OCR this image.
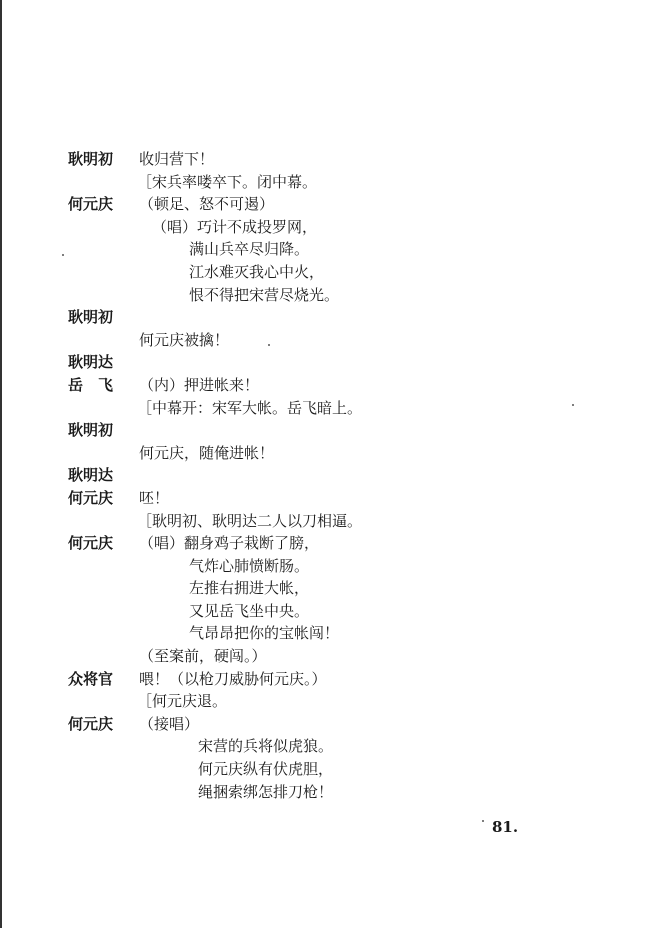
耿明初 收归营下！
［宋兵率喽卒下。闭中幕。
何元庆 （顿足、怒不可遏）
（唱）巧计不成投罗网，
满山兵卒尽归降。
江水难灭我心中火，
恨不得把宋营尽烧光。
耿明初
何元庆被擒！
耿明达
岳　飞 （内）押进帐来！
［中幕开：宋军大帐。岳飞暗上。
耿明初
何元庆，随俺进帐！
耿明达
何元庆 呸！
［耿明初、耿明达二人以刀相逼。
何元庆 （唱）翻身鸡子栽断了膀，
气炸心肺愤断肠。
左推右拥进大帐，
又见岳飞坐中央。
气昂昂把你的宝帐闯！
（至案前，硬闯。）
众将官 喂！（以枪刀威胁何元庆。）
［何元庆退。
何元庆 （接唱）
宋营的兵将似虎狼。
何元庆纵有伏虎胆，
绳捆索绑怎排刀枪！
81.
